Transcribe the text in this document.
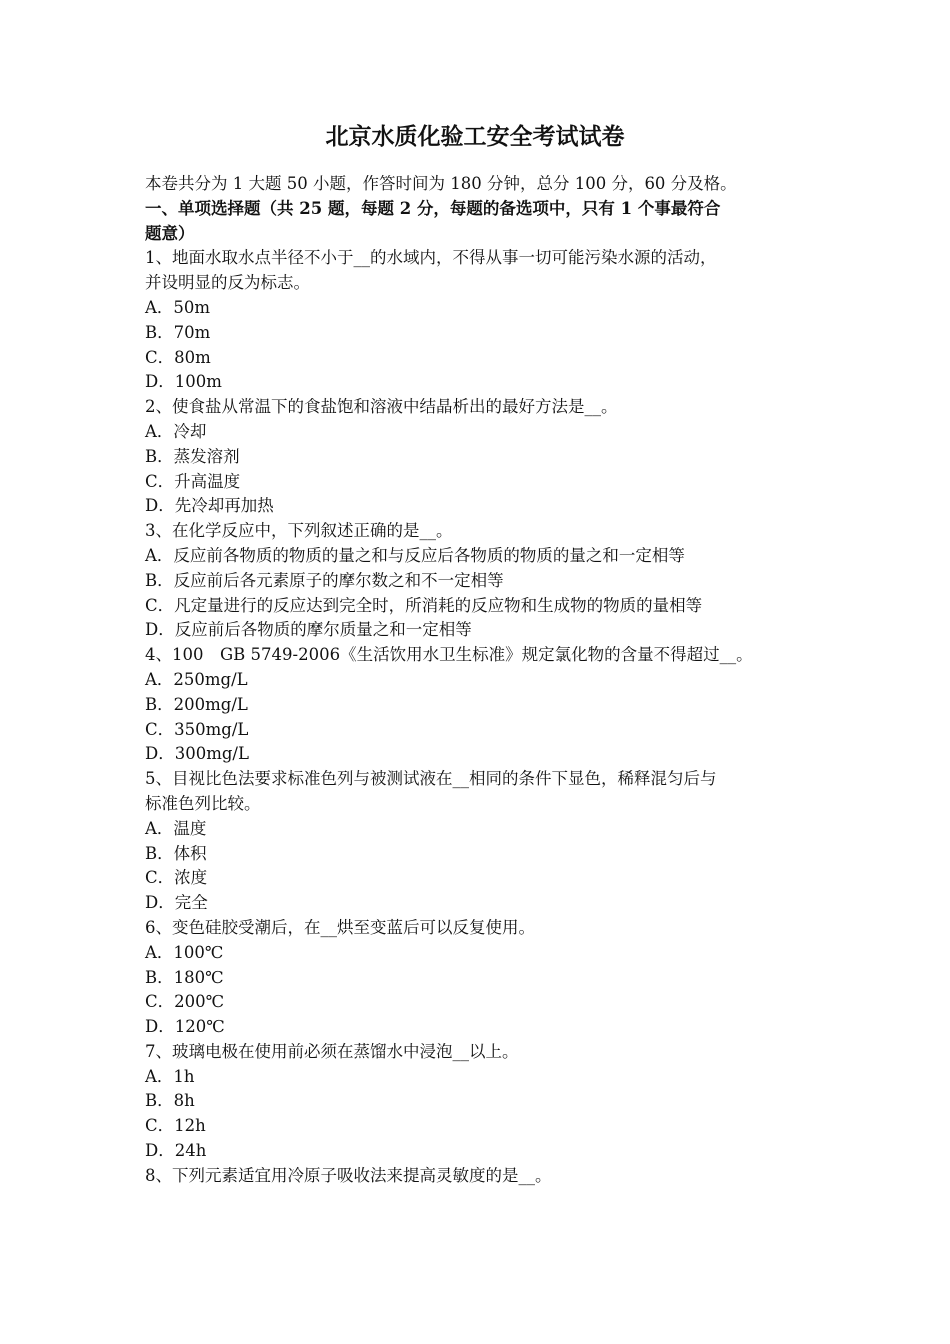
北京水质化验工安全考试试卷
本卷共分为 1 大题 50 小题，作答时间为 180 分钟，总分 100 分，60 分及格。
一、单项选择题（共 25 题，每题 2 分，每题的备选项中，只有 1 个事最符合
题意）
1、地面水取水点半径不小于__的水域内，不得从事一切可能污染水源的活动，
并设明显的反为标志。
A．50m
B．70m
C．80m
D．100m
2、使食盐从常温下的食盐饱和溶液中结晶析出的最好方法是__。
A．冷却
B．蒸发溶剂
C．升高温度
D．先冷却再加热
3、在化学反应中，下列叙述正确的是__。
A．反应前各物质的物质的量之和与反应后各物质的物质的量之和一定相等
B．反应前后各元素原子的摩尔数之和不一定相等
C．凡定量进行的反应达到完全时，所消耗的反应物和生成物的物质的量相等
D．反应前后各物质的摩尔质量之和一定相等
4、100　GB 5749-2006《生活饮用水卫生标准》规定氯化物的含量不得超过__。
A．250mg/L
B．200mg/L
C．350mg/L
D．300mg/L
5、目视比色法要求标准色列与被测试液在__相同的条件下显色，稀释混匀后与
标准色列比较。
A．温度
B．体积
C．浓度
D．完全
6、变色硅胶受潮后，在__烘至变蓝后可以反复使用。
A．100℃
B．180℃
C．200℃
D．120℃
7、玻璃电极在使用前必须在蒸馏水中浸泡__以上。
A．1h
B．8h
C．12h
D．24h
8、下列元素适宜用冷原子吸收法来提高灵敏度的是__。
